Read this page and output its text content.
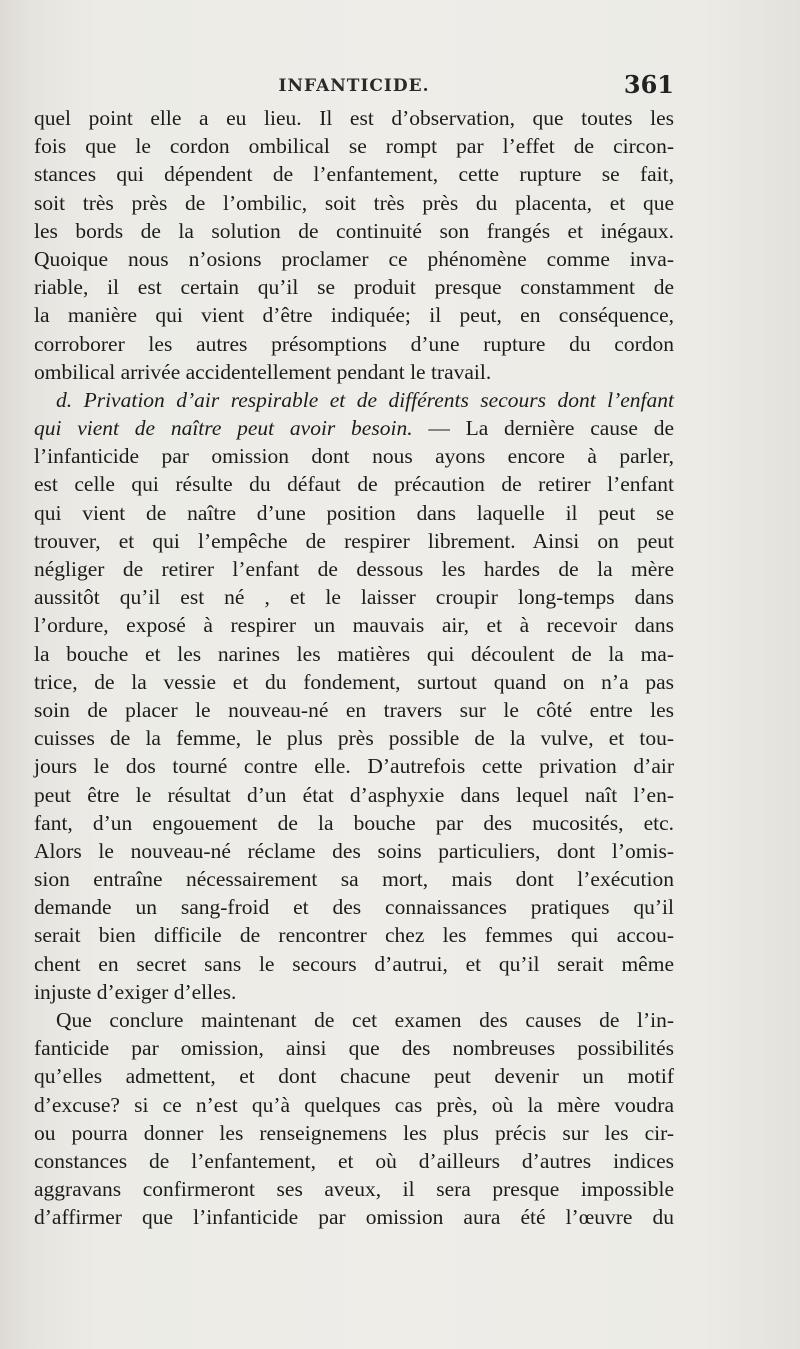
INFANTICIDE.	361
quel point elle a eu lieu. Il est d’observation, que toutes les
fois que le cordon ombilical se rompt par l’effet de circon-
stances qui dépendent de l’enfantement, cette rupture se fait,
soit très près de l’ombilic, soit très près du placenta, et que
les bords de la solution de continuité son frangés et inégaux.
Quoique nous n’osions proclamer ce phénomène comme inva-
riable, il est certain qu’il se produit presque constamment de
la manière qui vient d’être indiquée; il peut, en conséquence,
corroborer les autres présomptions d’une rupture du cordon
ombilical arrivée accidentellement pendant le travail.
d. Privation d’air respirable et de différents secours dont l’enfant
qui vient de naître peut avoir besoin. — La dernière cause de
l’infanticide par omission dont nous ayons encore à parler,
est celle qui résulte du défaut de précaution de retirer l’enfant
qui vient de naître d’une position dans laquelle il peut se
trouver, et qui l’empêche de respirer librement. Ainsi on peut
négliger de retirer l’enfant de dessous les hardes de la mère
aussitôt qu’il est né , et le laisser croupir long-temps dans
l’ordure, exposé à respirer un mauvais air, et à recevoir dans
la bouche et les narines les matières qui découlent de la ma-
trice, de la vessie et du fondement, surtout quand on n’a pas
soin de placer le nouveau-né en travers sur le côté entre les
cuisses de la femme, le plus près possible de la vulve, et tou-
jours le dos tourné contre elle. D’autrefois cette privation d’air
peut être le résultat d’un état d’asphyxie dans lequel naît l’en-
fant, d’un engouement de la bouche par des mucosités, etc.
Alors le nouveau-né réclame des soins particuliers, dont l’omis-
sion entraîne nécessairement sa mort, mais dont l’exécution
demande un sang-froid et des connaissances pratiques qu’il
serait bien difficile de rencontrer chez les femmes qui accou-
chent en secret sans le secours d’autrui, et qu’il serait même
injuste d’exiger d’elles.
Que conclure maintenant de cet examen des causes de l’in-
fanticide par omission, ainsi que des nombreuses possibilités
qu’elles admettent, et dont chacune peut devenir un motif
d’excuse? si ce n’est qu’à quelques cas près, où la mère voudra
ou pourra donner les renseignemens les plus précis sur les cir-
constances de l’enfantement, et où d’ailleurs d’autres indices
aggravans confirmeront ses aveux, il sera presque impossible
d’affirmer que l’infanticide par omission aura été l’œuvre du
